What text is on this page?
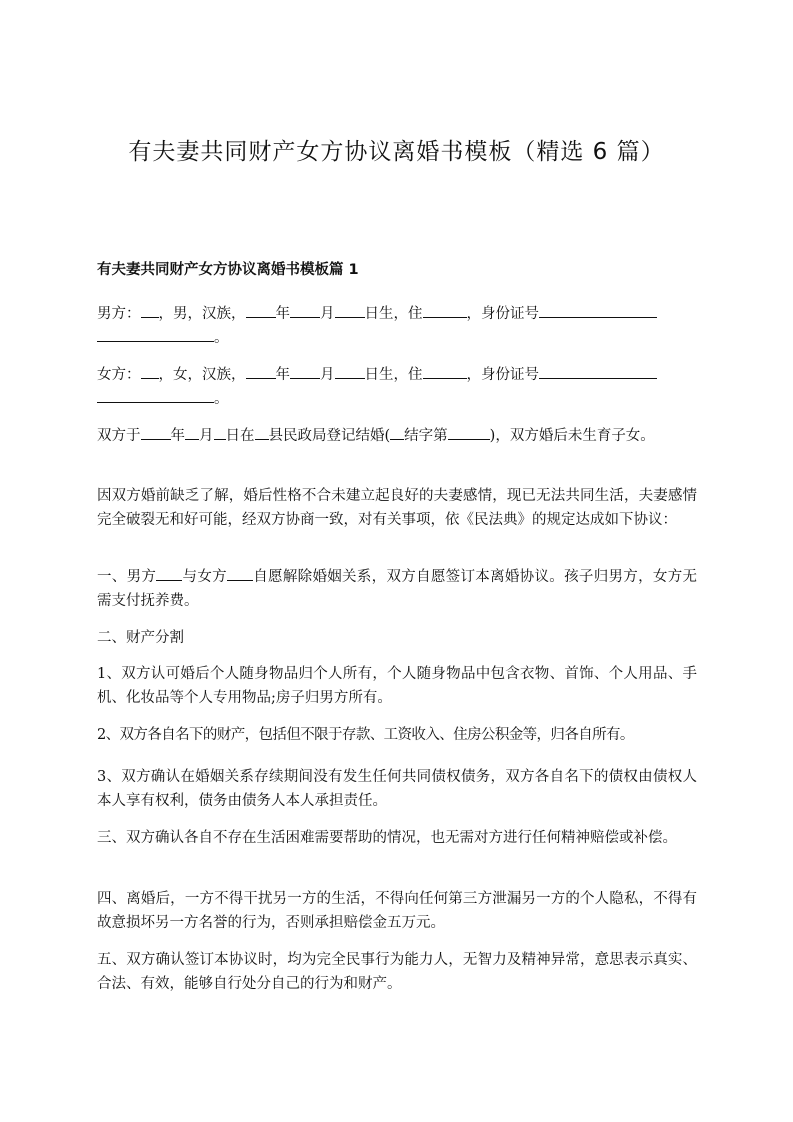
有夫妻共同财产女方协议离婚书模板（精选 6 篇）
有夫妻共同财产女方协议离婚书模板篇 1

男方： ，男，汉族， 年 月 日生，住	，身份证号
。

女方： ，女，汉族， 年 月 日生，住	，身份证号
。

双方于 年 月 日在 县民政局登记结婚( 结字第	)，双方婚后未生育子女。

因双方婚前缺乏了解，婚后性格不合未建立起良好的夫妻感情，现已无法共同生活，夫妻感情完全破裂无和好可能，经双方协商一致，对有关事项，依《民法典》的规定达成如下协议：

一、男方 与女方 自愿解除婚姻关系，双方自愿签订本离婚协议。孩子归男方，女方无需支付抚养费。

二、财产分割

1、双方认可婚后个人随身物品归个人所有，个人随身物品中包含衣物、首饰、个人用品、手机、化妆品等个人专用物品;房子归男方所有。

2、双方各自名下的财产，包括但不限于存款、工资收入、住房公积金等，归各自所有。

3、双方确认在婚姻关系存续期间没有发生任何共同债权债务，双方各自名下的债权由债权人本人享有权利，债务由债务人本人承担责任。

三、双方确认各自不存在生活困难需要帮助的情况，也无需对方进行任何精神赔偿或补偿。

四、离婚后，一方不得干扰另一方的生活，不得向任何第三方泄漏另一方的个人隐私，不得有故意损坏另一方名誉的行为，否则承担赔偿金五万元。

五、双方确认签订本协议时，均为完全民事行为能力人，无智力及精神异常，意思表示真实、合法、有效，能够自行处分自己的行为和财产。
